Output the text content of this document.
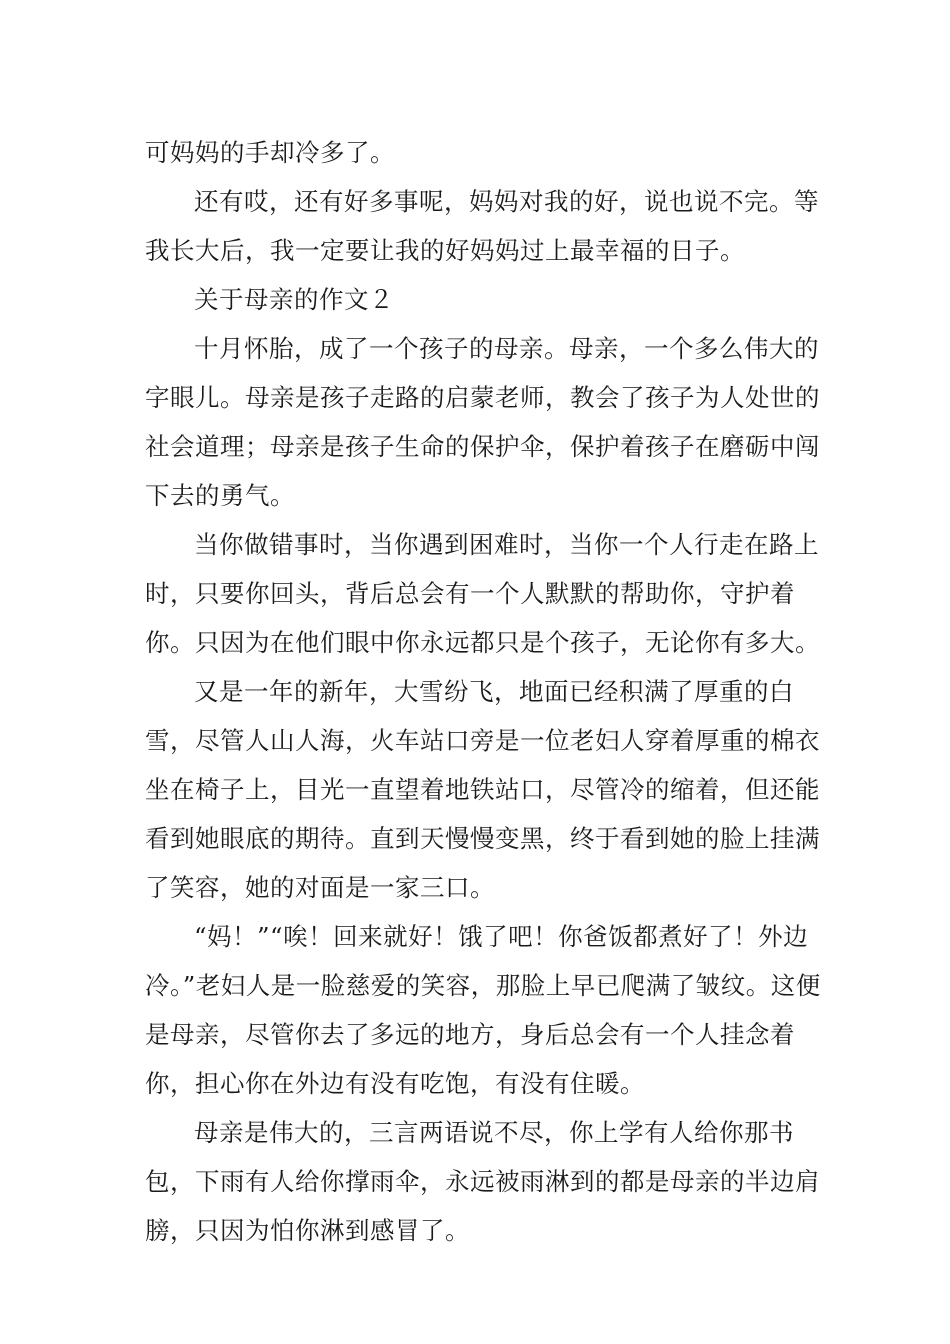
可妈妈的手却冷多了。

还有哎，还有好多事呢，妈妈对我的好，说也说不完。等我长大后，我一定要让我的好妈妈过上最幸福的日子。

关于母亲的作文２

十月怀胎，成了一个孩子的母亲。母亲，一个多么伟大的字眼儿。母亲是孩子走路的启蒙老师，教会了孩子为人处世的社会道理；母亲是孩子生命的保护伞，保护着孩子在磨砺中闯下去的勇气。

当你做错事时，当你遇到困难时，当你一个人行走在路上时，只要你回头，背后总会有一个人默默的帮助你，守护着你。只因为在他们眼中你永远都只是个孩子，无论你有多大。

又是一年的新年，大雪纷飞，地面已经积满了厚重的白雪，尽管人山人海，火车站口旁是一位老妇人穿着厚重的棉衣坐在椅子上，目光一直望着地铁站口，尽管冷的缩着，但还能看到她眼底的期待。直到天慢慢变黑，终于看到她的脸上挂满了笑容，她的对面是一家三口。

“妈！”“唉！回来就好！饿了吧！你爸饭都煮好了！外边冷。”老妇人是一脸慈爱的笑容，那脸上早已爬满了皱纹。这便是母亲，尽管你去了多远的地方，身后总会有一个人挂念着你，担心你在外边有没有吃饱，有没有住暖。

母亲是伟大的，三言两语说不尽，你上学有人给你那书包，下雨有人给你撑雨伞，永远被雨淋到的都是母亲的半边肩膀，只因为怕你淋到感冒了。
